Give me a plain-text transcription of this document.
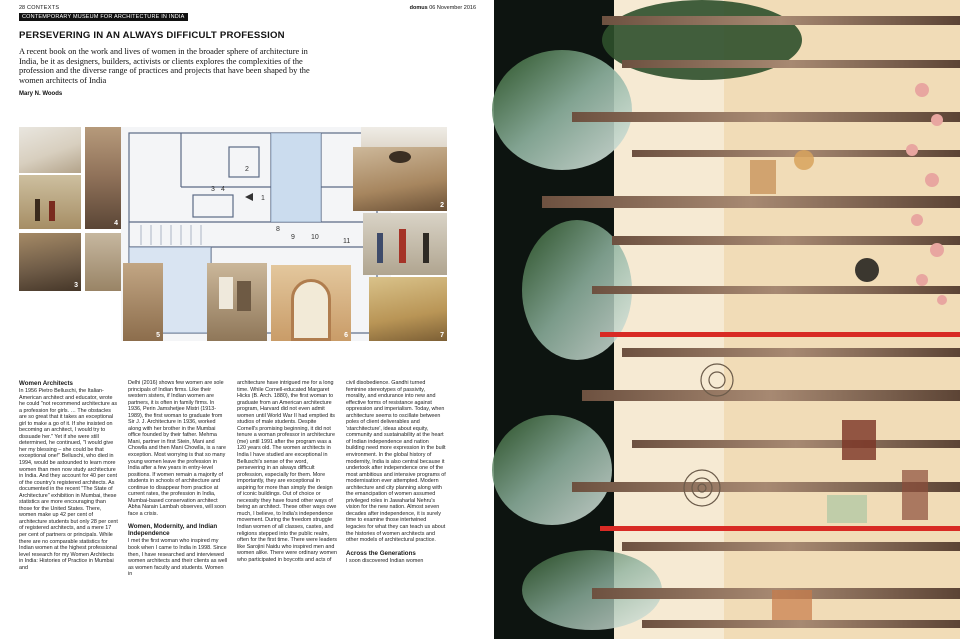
28 CONTEXTS
CONTEMPORARY MUSEUM FOR ARCHITECTURE IN INDIA
domus 06 November 2016
PERSEVERING IN AN ALWAYS DIFFICULT PROFESSION

A recent book on the work and lives of women in the broader sphere of architecture in India, be it as designers, builders, activists or clients explores the complexities of the profession and the diverse range of practices and projects that have been shaped by the women architects of India

Mary N. Woods

1
2
3 4
8
9 10
11
4
3
2
7
5	6
Women Architects

In 1956 Pietro Belluschi, the Italian-American architect and educator, wrote he could "not recommend architecture as a profession for girls. … The obstacles are so great that it takes an exceptional girl to make a go of it. If she insisted on becoming an architect, I would try to dissuade her." Yet if she were still determined, he continued, "I would give her my blessing – she could be that exceptional one!" Belluschi, who died in 1994, would be astounded to learn more women than men now study architecture in India. And they account for 40 per cent of the country's registered architects. As documented in the recent "The State of Architecture" exhibition in Mumbai, these statistics are more encouraging than those for the United States. There, women make up 42 per cent of architecture students but only 28 per cent of registered architects, and a mere 17 per cent of partners or principals. While there are no comparable statistics for Indian women at the highest professional level research for my Women Architects in India: Histories of Practice in Mumbai and

Delhi (2016) shows few women are sole principals of Indian firms. Like their western sisters, if Indian women are partners, it is often in family firms. In 1936, Perin Jamshetjee Mistri (1913-1989), the first woman to graduate from Sir J. J. Architecture in 1936, worked along with her brother in the Mumbai office founded by their father. Mehma Mani, partner in first Stein, Mani and Chowlla and then Mani Chowlla, is a rare exception. Most worrying is that so many young women leave the profession in India after a few years in entry-level positions. If women remain a majority of students in schools of architecture and continue to disappear from practice at current rates, the profession in India, Mumbai-based conservation architect Abha Narain Lambah observes, will soon face a crisis.

Women, Modernity, and Indian Independence

I met the first woman who inspired my book when I came to India in 1998. Since then, I have researched and interviewed women architects and their clients as well as women faculty and students. Women in

architecture have intrigued me for a long time. While Cornell-educated Margaret Hicks (B. Arch. 1880), the first woman to graduate from an American architecture program, Harvard did not even admit women until World War II had emptied its studios of male students. Despite Cornell's promising beginning, it did not tenure a woman professor in architecture (me) until 1991 after the program was a 120 years old. The women architects in India I have studied are exceptional in Belluschi's sense of the word, persevering in an always difficult profession, especially for them. More importantly, they are exceptional in aspiring for more than simply the design of iconic buildings. Out of choice or necessity they have found other ways of being an architect. These other ways owe much, I believe, to India's independence movement. During the freedom struggle Indian women of all classes, castes, and religions stepped into the public realm, often for the first time. There were leaders like Sarojini Naidu who inspired men and women alike. There were ordinary women who participated in boycotts and acts of

civil disobedience. Gandhi turned feminine stereotypes of passivity, morality, and endurance into new and effective forms of resistance against oppression and imperialism. Today, when architecture seems to oscillate between poles of client deliverables and 'starchitecture', ideas about equity, community and sustainability at the heart of Indian independence and nation building need more expression in the built environment. In the global history of modernity, India is also central because it undertook after independence one of the most ambitious and intensive programs of modernisation ever attempted. Modern architecture and city planning along with the emancipation of women assumed privileged roles in Jawaharlal Nehru's vision for the new nation. Almost seven decades after independence, it is surely time to examine those intertwined legacies for what they can teach us about the histories of women architects and other models of architectural practice.

Across the Generations

I soon discovered Indian women
